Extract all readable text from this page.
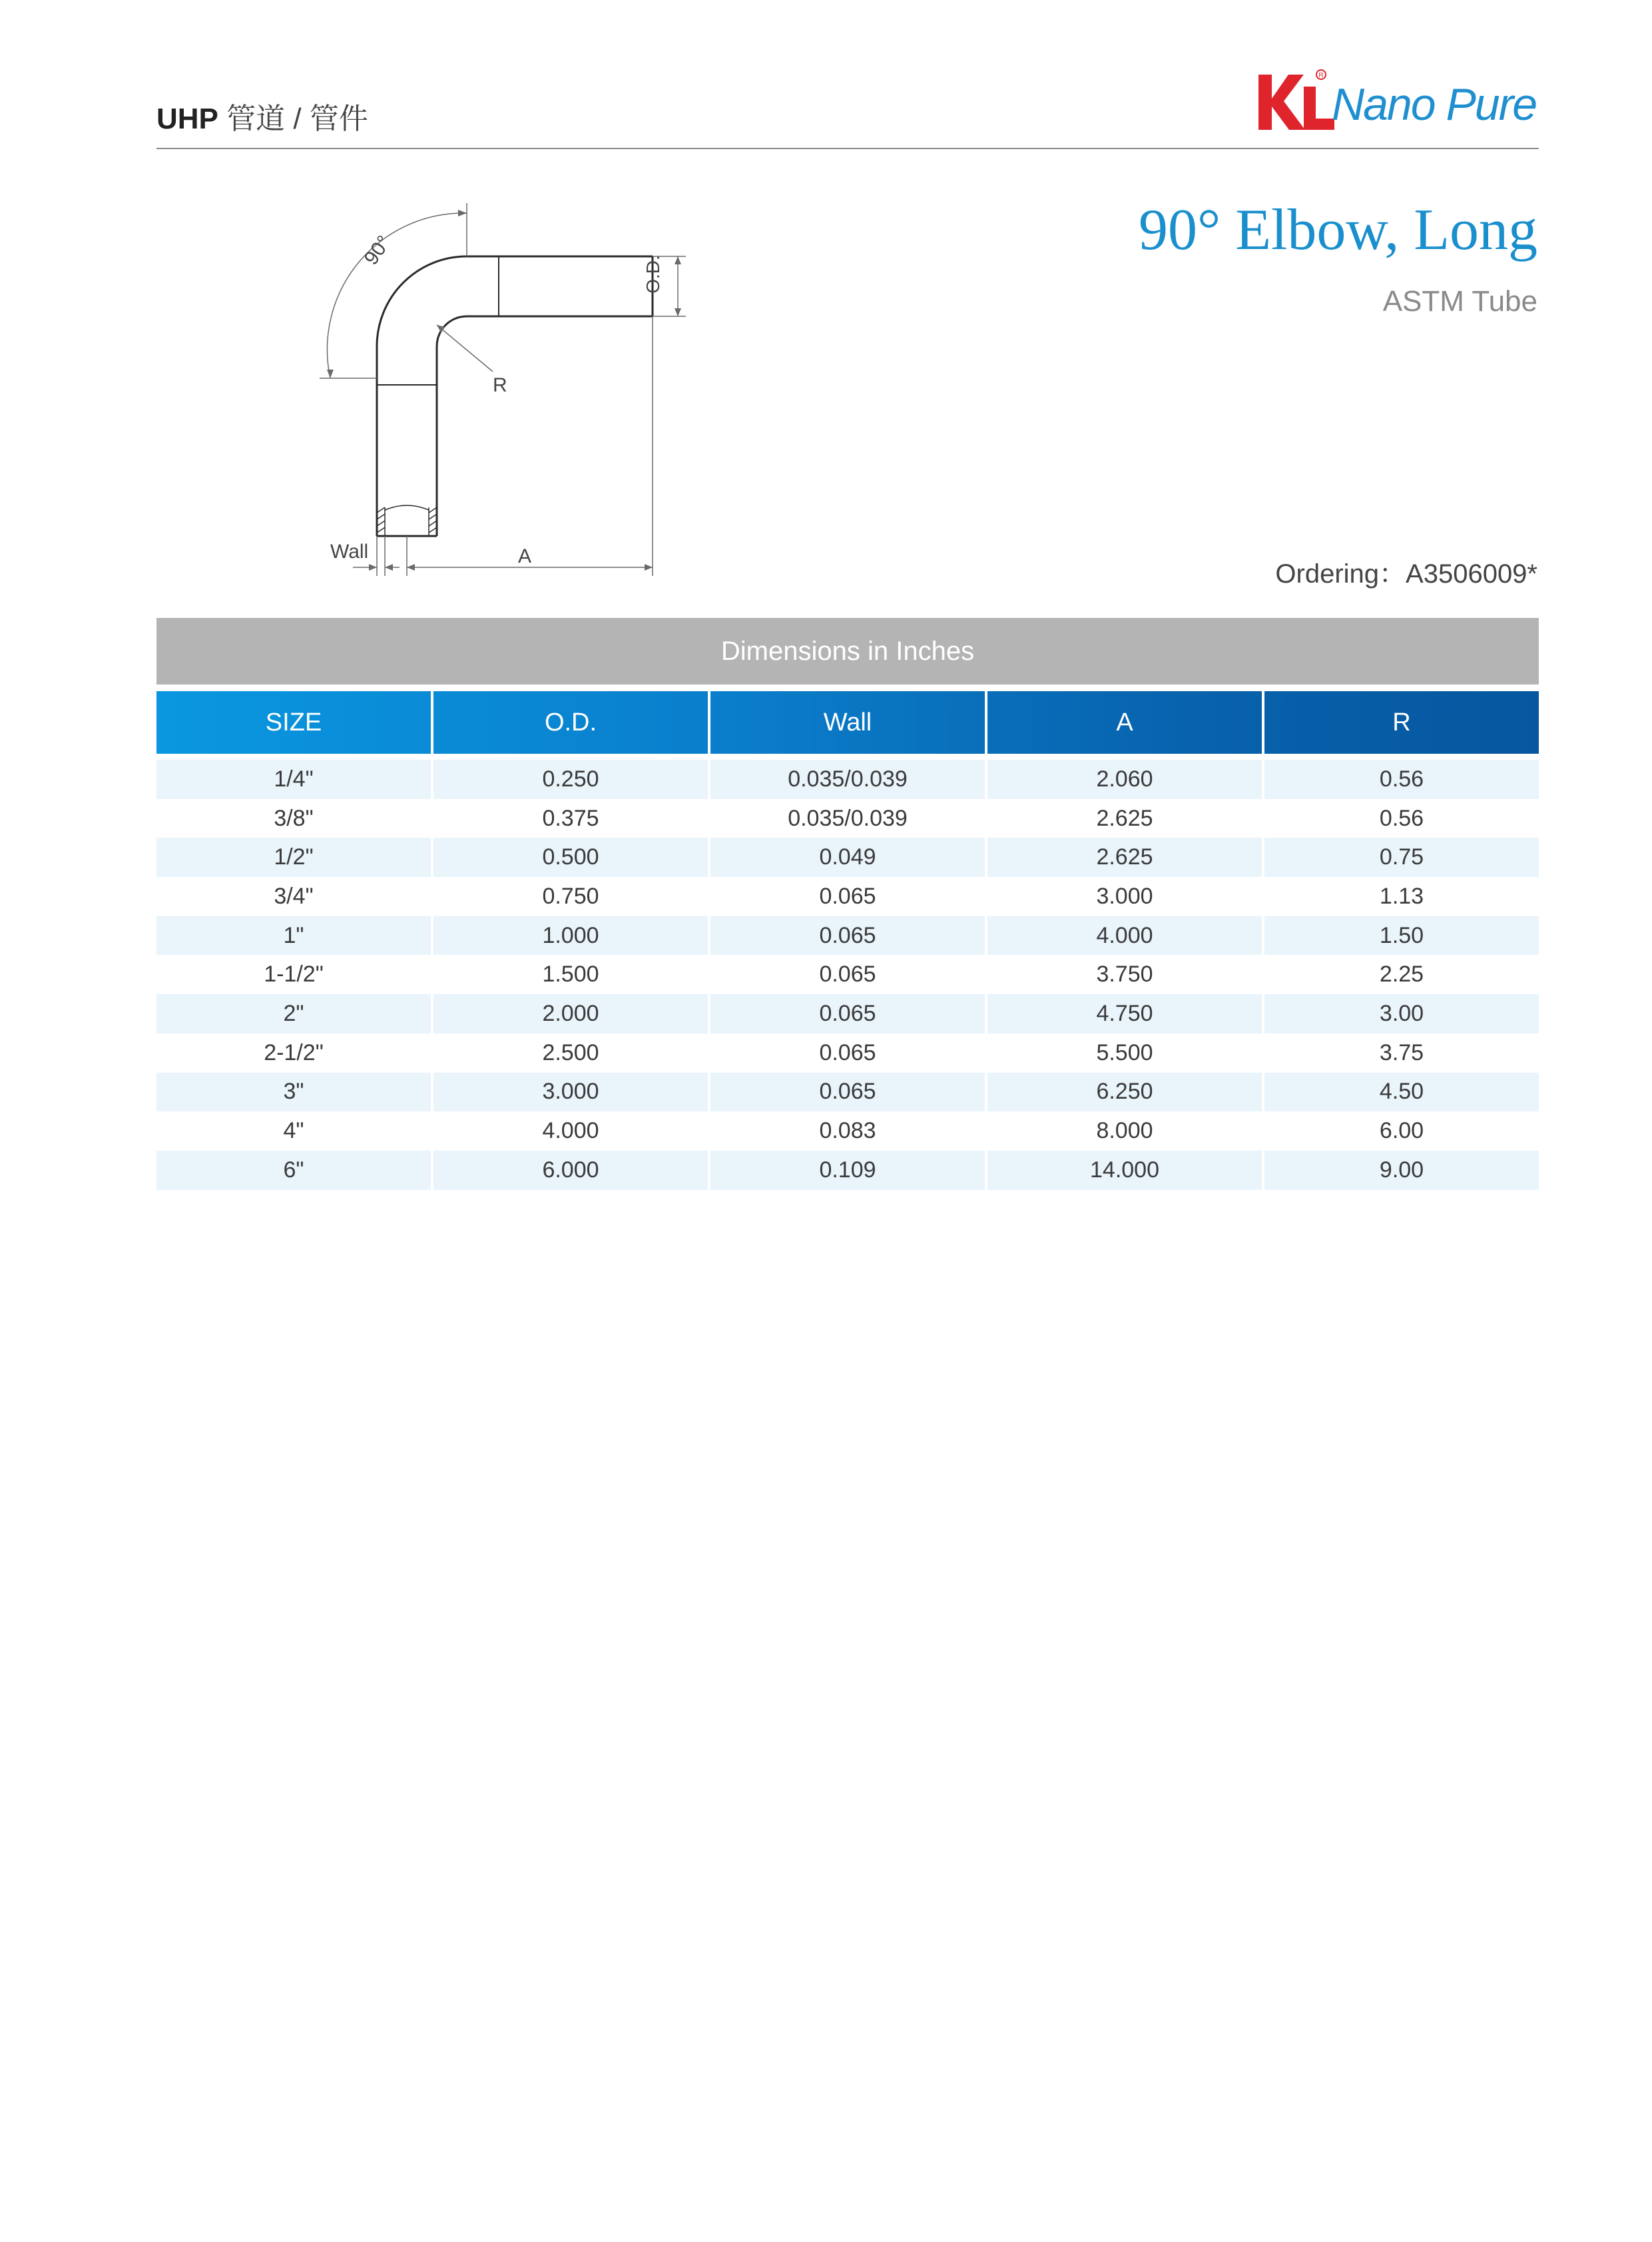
UHP 管道 / 管件
R
Nano Pure
90° Elbow, Long
ASTM Tube
Ordering：A3506009*
90°
O.D.
R
A
Wall
Dimensions in Inches
SIZE	O.D.	Wall	A	R
1/4"	0.250	0.035/0.039	2.060	0.56
3/8"	0.375	0.035/0.039	2.625	0.56
1/2"	0.500	0.049	2.625	0.75
3/4"	0.750	0.065	3.000	1.13
1"	1.000	0.065	4.000	1.50
1-1/2"	1.500	0.065	3.750	2.25
2"	2.000	0.065	4.750	3.00
2-1/2"	2.500	0.065	5.500	3.75
3"	3.000	0.065	6.250	4.50
4"	4.000	0.083	8.000	6.00
6"	6.000	0.109	14.000	9.00
